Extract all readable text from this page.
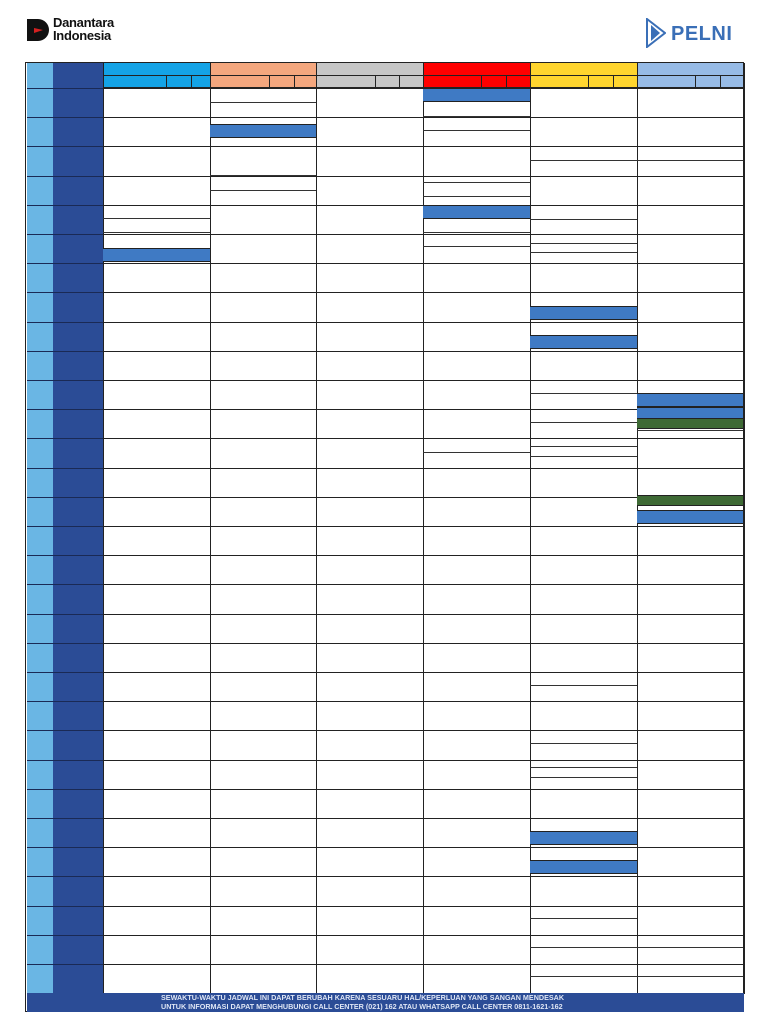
Danantara
Indonesia	PELNI
SEWAKTU-WAKTU JADWAL INI DAPAT BERUBAH KARENA SESUARU HAL/KEPERLUAN YANG SANGAN MENDESAK
UNTUK INFORMASI DAPAT MENGHUBUNGI CALL CENTER (021) 162 ATAU WHATSAPP CALL CENTER 0811-1621-162
